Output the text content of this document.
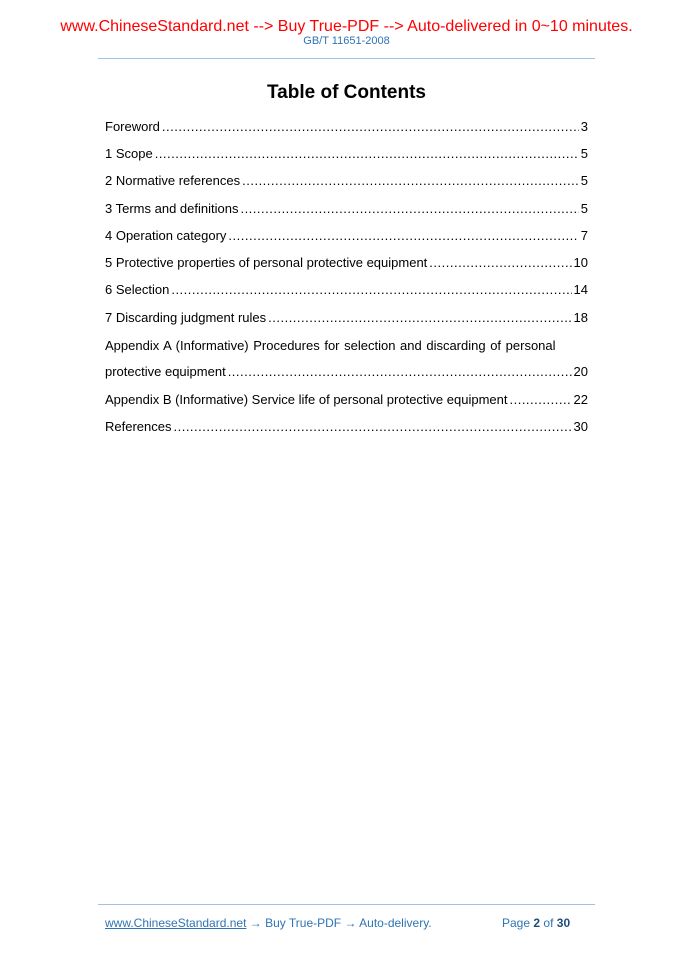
www.ChineseStandard.net --> Buy True-PDF --> Auto-delivered in 0~10 minutes.
GB/T 11651-2008
Table of Contents
Foreword .....	3
1 Scope .....	5
2 Normative references .....	5
3 Terms and definitions .....	5
4 Operation category .....	7
5 Protective properties of personal protective equipment .....	10
6 Selection .....	14
7 Discarding judgment rules .....	18
Appendix A (Informative) Procedures for selection and discarding of personal
protective equipment .....	20
Appendix B (Informative) Service life of personal protective equipment .....	22
References .....	30
www.ChineseStandard.net → Buy True-PDF → Auto-delivery.	Page 2 of 30
